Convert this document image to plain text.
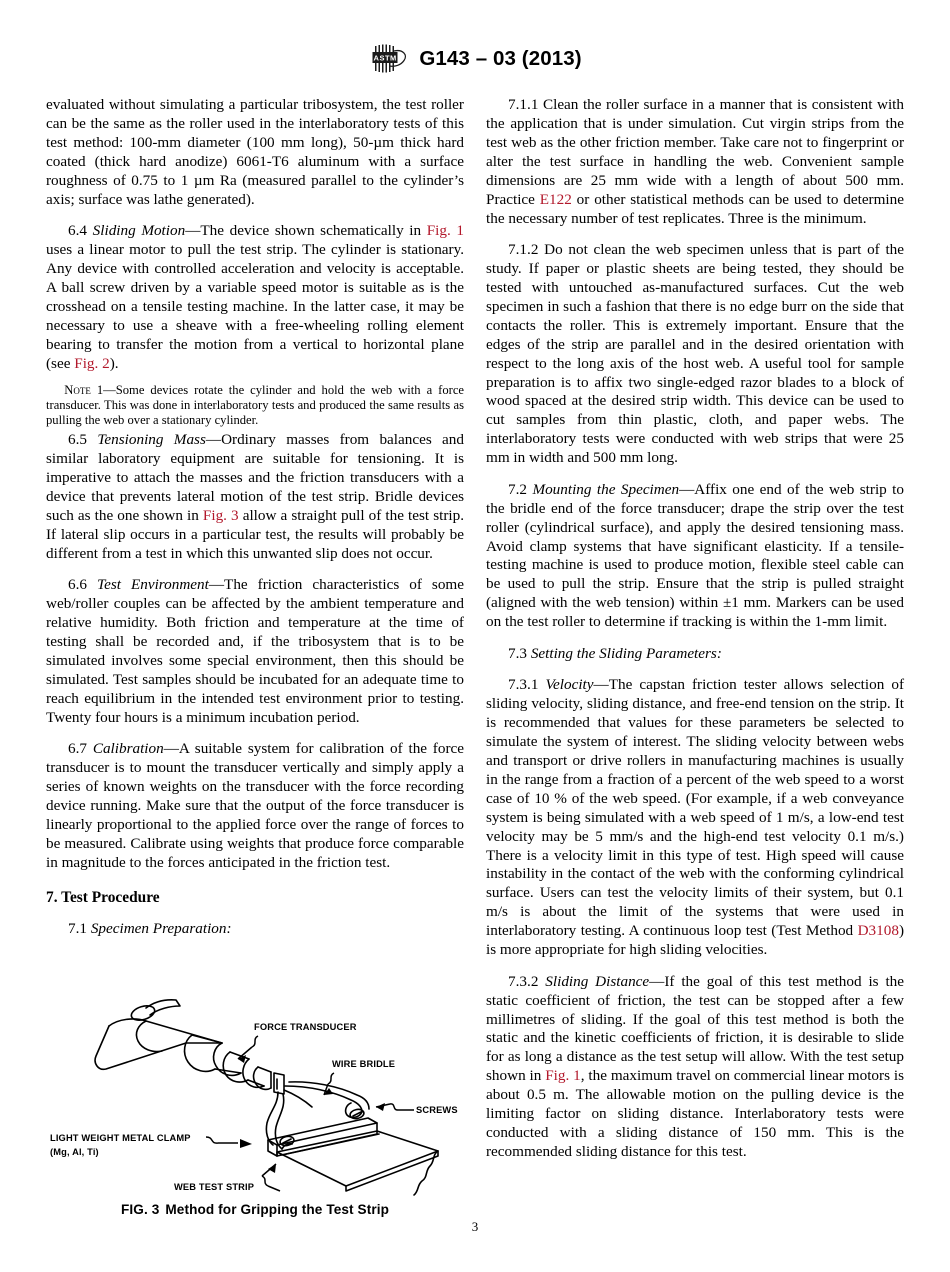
A S T M G143 – 03 (2013)

evaluated without simulating a particular tribosystem, the test roller can be the same as the roller used in the interlaboratory tests of this test method: 100-mm diameter (100 mm long), 50-µm thick hard coated (thick hard anodize) 6061-T6 aluminum with a surface roughness of 0.75 to 1 µm Ra (measured parallel to the cylinder’s axis; surface was lathe generated).

6.4 Sliding Motion—The device shown schematically in Fig. 1 uses a linear motor to pull the test strip. The cylinder is stationary. Any device with controlled acceleration and velocity is acceptable. A ball screw driven by a variable speed motor is suitable as is the crosshead on a tensile testing machine. In the latter case, it may be necessary to use a sheave with a free-wheeling rolling element bearing to transfer the motion from a vertical to horizontal plane (see Fig. 2).

Note 1—Some devices rotate the cylinder and hold the web with a force transducer. This was done in interlaboratory tests and produced the same results as pulling the web over a stationary cylinder.

6.5 Tensioning Mass—Ordinary masses from balances and similar laboratory equipment are suitable for tensioning. It is imperative to attach the masses and the friction transducers with a device that prevents lateral motion of the test strip. Bridle devices such as the one shown in Fig. 3 allow a straight pull of the test strip. If lateral slip occurs in a particular test, the results will probably be different from a test in which this unwanted slip does not occur.

6.6 Test Environment—The friction characteristics of some web/roller couples can be affected by the ambient temperature and relative humidity. Both friction and temperature at the time of testing shall be recorded and, if the tribosystem that is to be simulated involves some special environment, then this should be simulated. Test samples should be incubated for an adequate time to reach equilibrium in the intended test environment prior to testing. Twenty four hours is a minimum incubation period.

6.7 Calibration—A suitable system for calibration of the force transducer is to mount the transducer vertically and simply apply a series of known weights on the transducer with the force recording device running. Make sure that the output of the force transducer is linearly proportional to the applied force over the range of forces to be measured. Calibrate using weights that produce force comparable in magnitude to the forces anticipated in the friction test.

7. Test Procedure

7.1 Specimen Preparation:

FORCE TRANSDUCER
WIRE BRIDLE
SCREWS
LIGHT WEIGHT METAL CLAMP
(Mg, Al, Ti)
WEB TEST STRIP

FIG. 3 Method for Gripping the Test Strip

7.1.1 Clean the roller surface in a manner that is consistent with the application that is under simulation. Cut virgin strips from the test web as the other friction member. Take care not to fingerprint or alter the test surface in handling the web. Convenient sample dimensions are 25 mm wide with a length of about 500 mm. Practice E122 or other statistical methods can be used to determine the necessary number of test replicates. Three is the minimum.

7.1.2 Do not clean the web specimen unless that is part of the study. If paper or plastic sheets are being tested, they should be tested with untouched as-manufactured surfaces. Cut the web specimen in such a fashion that there is no edge burr on the side that contacts the roller. This is extremely important. Ensure that the edges of the strip are parallel and in the desired orientation with respect to the long axis of the host web. A useful tool for sample preparation is to affix two single-edged razor blades to a block of wood spaced at the desired strip width. This device can be used to cut samples from thin plastic, cloth, and paper webs. The interlaboratory tests were conducted with web strips that were 25 mm in width and 500 mm long.

7.2 Mounting the Specimen—Affix one end of the web strip to the bridle end of the force transducer; drape the strip over the test roller (cylindrical surface), and apply the desired tensioning mass. Avoid clamp systems that have significant elasticity. If a tensile-testing machine is used to produce motion, flexible steel cable can be used to pull the strip. Ensure that the strip is pulled straight (aligned with the web tension) within ±1 mm. Markers can be used on the test roller to determine if tracking is within the 1-mm limit.

7.3 Setting the Sliding Parameters:

7.3.1 Velocity—The capstan friction tester allows selection of sliding velocity, sliding distance, and free-end tension on the strip. It is recommended that values for these parameters be selected to simulate the system of interest. The sliding velocity between webs and transport or drive rollers in manufacturing machines is usually in the range from a fraction of a percent of the web speed to a worst case of 10 % of the web speed. (For example, if a web conveyance system is being simulated with a web speed of 1 m/s, a low-end test velocity may be 5 mm/s and the high-end test velocity 0.1 m/s.) There is a velocity limit in this type of test. High speed will cause instability in the contact of the web with the conforming cylindrical surface. Users can test the velocity limits of their system, but 0.1 m/s is about the limit of the systems that were used in interlaboratory testing. A continuous loop test (Test Method D3108) is more appropriate for high sliding velocities.

7.3.2 Sliding Distance—If the goal of this test method is the static coefficient of friction, the test can be stopped after a few millimetres of sliding. If the goal of this test method is both the static and the kinetic coefficients of friction, it is desirable to slide for as long a distance as the test setup will allow. With the test setup shown in Fig. 1, the maximum travel on commercial linear motors is about 0.5 m. The allowable motion on the pulling device is the limiting factor on sliding distance. Interlaboratory tests were conducted with a sliding distance of 150 mm. This is the recommended sliding distance for this test.

3
